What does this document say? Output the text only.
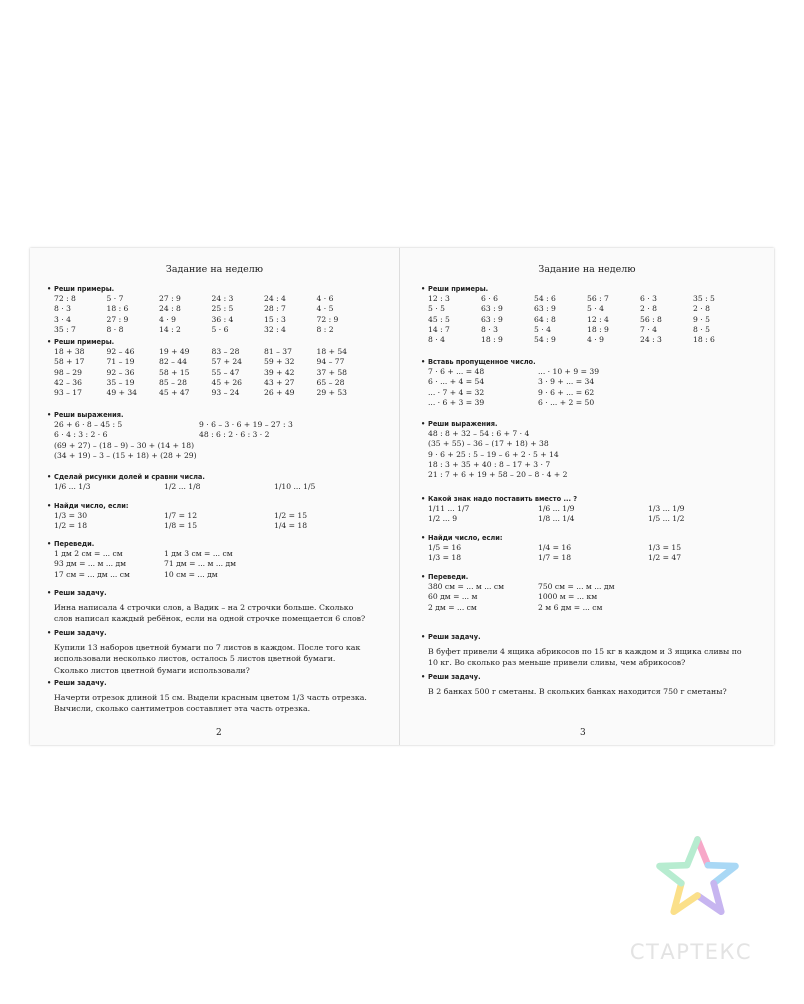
Задание на неделю
• Реши примеры.
72 : 8	5 · 7	27 : 9	24 : 3	24 : 4	4 · 6
8 · 3	18 : 6	24 : 8	25 : 5	28 : 7	4 · 5
3 · 4	27 : 9	4 · 9	36 : 4	15 : 3	72 : 9
35 : 7	8 · 8	14 : 2	5 · 6	32 : 4	8 : 2
• Реши примеры.
18 + 38	92 – 46	19 + 49	83 – 28	81 – 37	18 + 54
58 + 17	71 – 19	82 – 44	57 + 24	59 + 32	94 – 77
98 – 29	92 – 36	58 + 15	55 – 47	39 + 42	37 + 58
42 – 36	35 – 19	85 – 28	45 + 26	43 + 27	65 – 28
93 – 17	49 + 34	45 + 47	93 – 24	26 + 49	29 + 53
• Реши выражения.
26 + 6 · 8 – 45 : 5	9 · 6 – 3 · 6 + 19 – 27 : 3
6 · 4 : 3 : 2 · 6	48 : 6 : 2 · 6 : 3 · 2
(69 + 27) – (18 – 9) – 30 + (14 + 18)
(34 + 19) – 3 – (15 + 18) + (28 + 29)
• Сделай рисунки долей и сравни числа.
1/6 ... 1/3	1/2 ... 1/8	1/10 ... 1/5
• Найди число, если:
1/3 = 30	1/7 = 12	1/2 = 15
1/2 = 18	1/8 = 15	1/4 = 18
• Переведи.
1 дм 2 см = ... см	1 дм 3 см = ... см
93 дм = ... м ... дм	71 дм = ... м ... дм
17 см = ... дм ... см	10 см = ... дм
• Реши задачу.
Инна написала 4 строчки слов, а Вадик – на 2 строчки больше. Сколько слов написал каждый ребёнок, если на одной строчке помещается 6 слов?
• Реши задачу.
Купили 13 наборов цветной бумаги по 7 листов в каждом. После того как использовали несколько листов, осталось 5 листов цветной бумаги. Сколько листов цветной бумаги использовали?
• Реши задачу.
Начерти отрезок длиной 15 см. Выдели красным цветом 1/3 часть отрезка. Вычисли, сколько сантиметров составляет эта часть отрезка.
2
Задание на неделю
• Реши примеры.
12 : 3	6 · 6	54 : 6	56 : 7	6 · 3	35 : 5
5 · 5	63 : 9	63 : 9	5 · 4	2 · 8	2 · 8
45 : 5	63 : 9	64 : 8	12 : 4	56 : 8	9 · 5
14 : 7	8 · 3	5 · 4	18 : 9	7 · 4	8 · 5
8 · 4	18 : 9	54 : 9	4 · 9	24 : 3	18 : 6
• Вставь пропущенное число.
7 · 6 + ... = 48	... · 10 + 9 = 39
6 · ... + 4 = 54	3 · 9 + ... = 34
... · 7 + 4 = 32	9 · 6 + ... = 62
... · 6 + 3 = 39	6 · ... + 2 = 50
• Реши выражения.
48 : 8 + 32 – 54 : 6 + 7 · 4
(35 + 55) – 36 – (17 + 18) + 38
9 · 6 + 25 : 5 – 19 – 6 + 2 · 5 + 14
18 : 3 + 35 + 40 : 8 – 17 + 3 · 7
21 : 7 + 6 + 19 + 58 – 20 – 8 · 4 + 2
• Какой знак надо поставить вместо ... ?
1/11 ... 1/7	1/6 ... 1/9	1/3 ... 1/9
1/2 ... 9	1/8 ... 1/4	1/5 ... 1/2
• Найди число, если:
1/5 = 16	1/4 = 16	1/3 = 15
1/3 = 18	1/7 = 18	1/2 = 47
• Переведи.
380 см = ... м ... см	750 см = ... м ... дм
60 дм = ... м	1000 м = ... км
2 дм = ... см	2 м 6 дм = ... см
• Реши задачу.
В буфет привели 4 ящика абрикосов по 15 кг в каждом и 3 ящика сливы по 10 кг. Во сколько раз меньше привели сливы, чем абрикосов?
• Реши задачу.
В 2 банках 500 г сметаны. В скольких банках находится 750 г сметаны?
3
СТАРТЕКС
